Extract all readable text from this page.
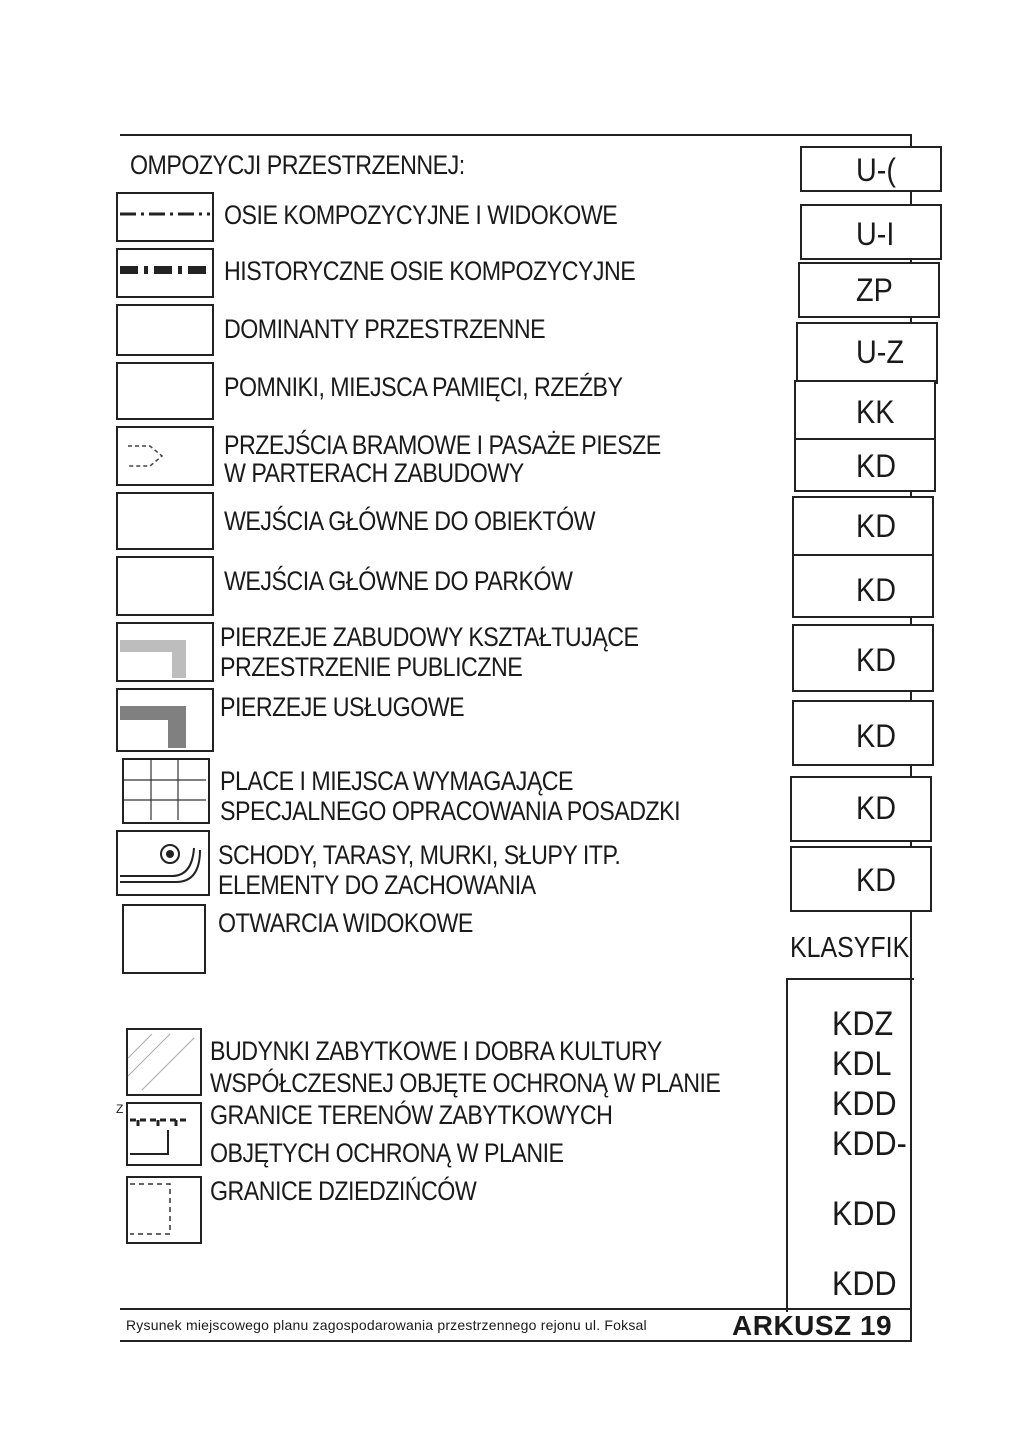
OMPOZYCJI PRZESTRZENNEJ:
Z
OSIE KOMPOZYCYJNE I WIDOKOWE
HISTORYCZNE OSIE KOMPOZYCYJNE
DOMINANTY PRZESTRZENNE
POMNIKI, MIEJSCA PAMIĘCI, RZEŹBY
PRZEJŚCIA BRAMOWE I PASAŻE PIESZE
W PARTERACH ZABUDOWY
WEJŚCIA GŁÓWNE DO OBIEKTÓW
WEJŚCIA GŁÓWNE DO PARKÓW
PIERZEJE ZABUDOWY KSZTAŁTUJĄCE
PRZESTRZENIE PUBLICZNE
PIERZEJE USŁUGOWE
PLACE I MIEJSCA WYMAGAJĄCE
SPECJALNEGO OPRACOWANIA POSADZKI
SCHODY, TARASY, MURKI, SŁUPY ITP.
ELEMENTY DO ZACHOWANIA
OTWARCIA WIDOKOWE
BUDYNKI ZABYTKOWE I DOBRA KULTURY
WSPÓŁCZESNEJ OBJĘTE OCHRONĄ W PLANIE
GRANICE TERENÓW ZABYTKOWYCH
OBJĘTYCH OCHRONĄ W PLANIE
GRANICE DZIEDZIŃCÓW
U-(
U-I
ZP
U-Z
KK
KD
KD
KD
KD
KD
KD
KD
KLASYFIK
KDZ
KDL
KDD
KDD-
KDD
KDD
Rysunek miejscowego planu zagospodarowania przestrzennego rejonu ul. Foksal	ARKUSZ 19
